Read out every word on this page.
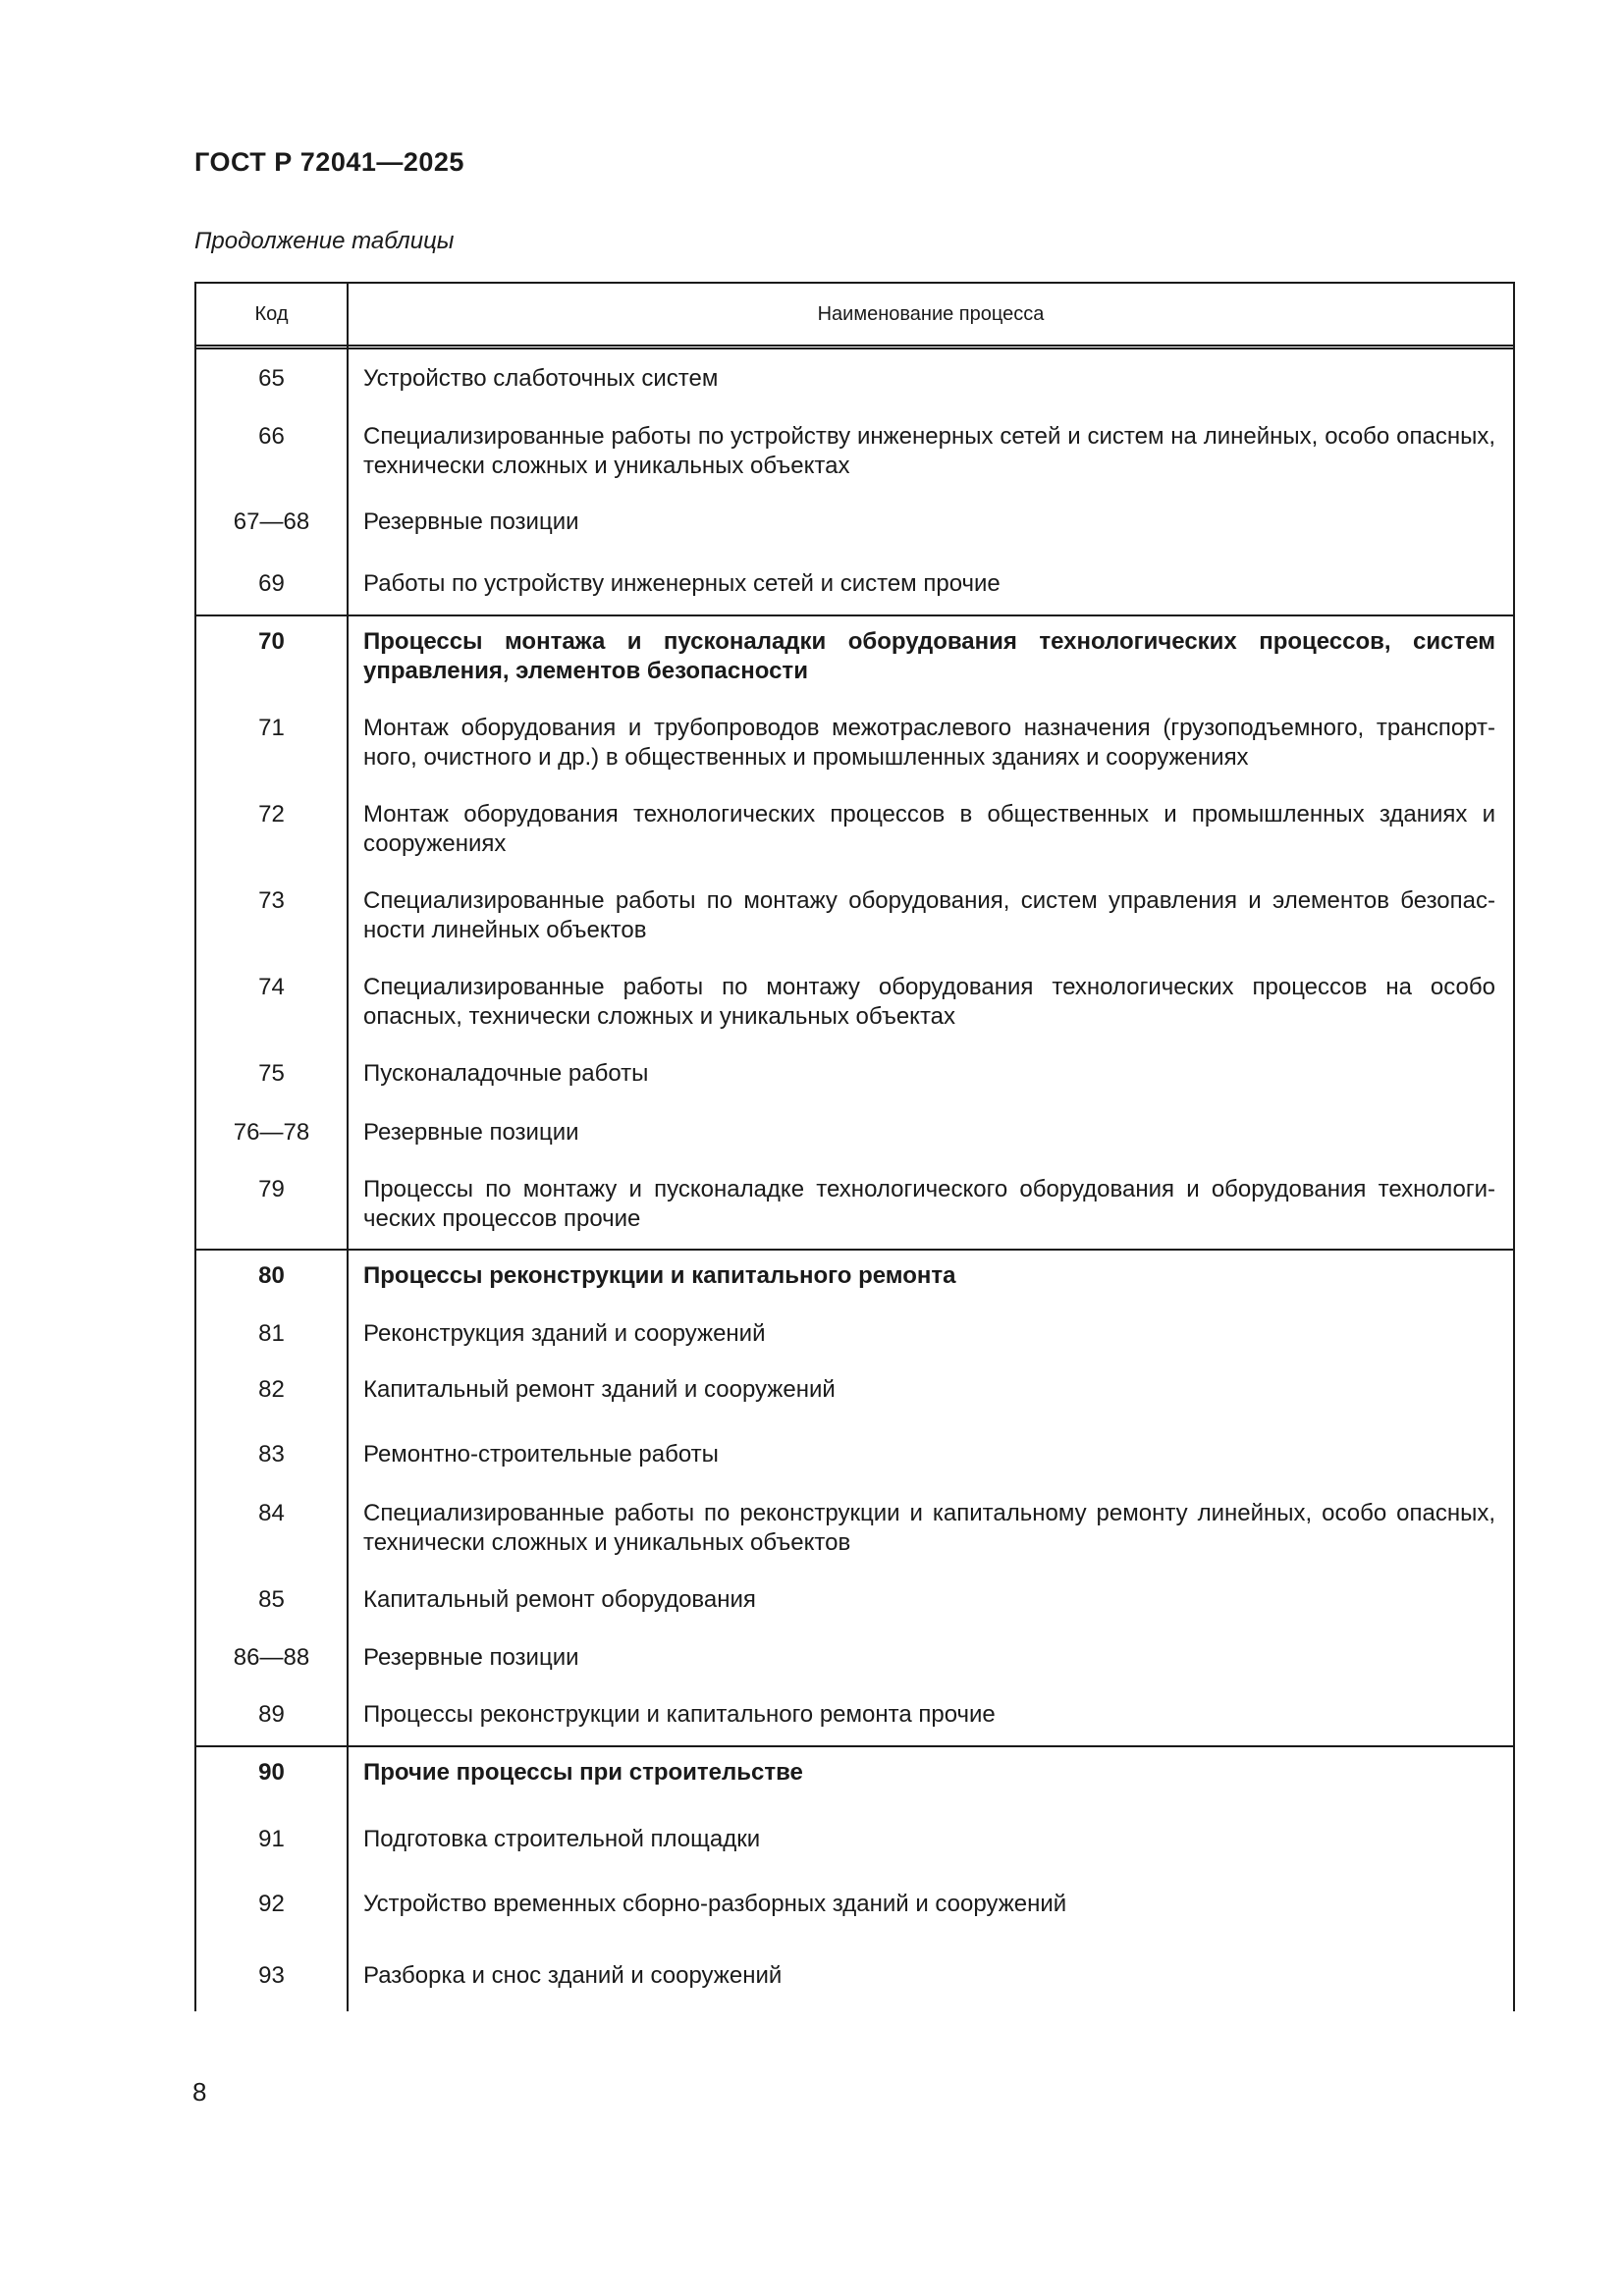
ГОСТ Р 72041—2025
Продолжение таблицы
Код	Наименование процесса
65	Устройство слаботочных систем
66	Специализированные работы по устройству инженерных сетей и систем на линейных, особо опасных, технически сложных и уникальных объектах
67—68	Резервные позиции
69	Работы по устройству инженерных сетей и систем прочие
70	Процессы монтажа и пусконаладки оборудования технологических процессов, систем управления, элементов безопасности
71	Монтаж оборудования и трубопроводов межотраслевого назначения (грузоподъемного, транспортного, очистного и др.) в общественных и промышленных зданиях и сооружениях
72	Монтаж оборудования технологических процессов в общественных и промышленных зданиях и сооружениях
73	Специализированные работы по монтажу оборудования, систем управления и элементов безопасности линейных объектов
74	Специализированные работы по монтажу оборудования технологических процессов на особо опасных, технически сложных и уникальных объектах
75	Пусконаладочные работы
76—78	Резервные позиции
79	Процессы по монтажу и пусконаладке технологического оборудования и оборудования технологических процессов прочие
80	Процессы реконструкции и капитального ремонта
81	Реконструкция зданий и сооружений
82	Капитальный ремонт зданий и сооружений
83	Ремонтно-строительные работы
84	Специализированные работы по реконструкции и капитальному ремонту линейных, особо опасных, технически сложных и уникальных объектов
85	Капитальный ремонт оборудования
86—88	Резервные позиции
89	Процессы реконструкции и капитального ремонта прочие
90	Прочие процессы при строительстве
91	Подготовка строительной площадки
92	Устройство временных сборно-разборных зданий и сооружений
93	Разборка и снос зданий и сооружений
8
